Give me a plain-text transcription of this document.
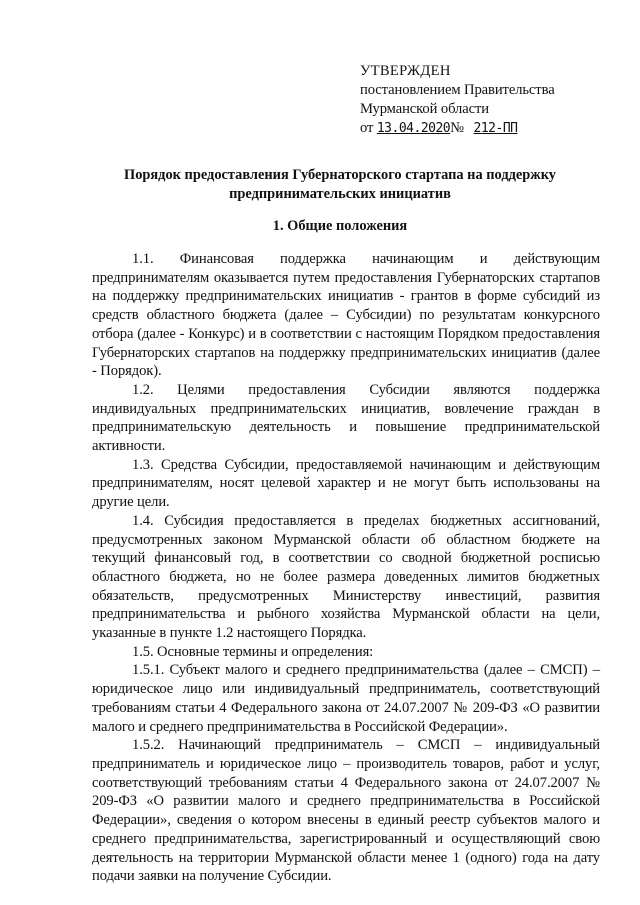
УТВЕРЖДЕН
постановлением Правительства
Мурманской области
от 13.04.2020№ 212-ПП
Порядок предоставления Губернаторского стартапа на поддержку предпринимательских инициатив
1. Общие положения

1.1. Финансовая поддержка начинающим и действующим предпринимателям оказывается путем предоставления Губернаторских стартапов на поддержку предпринимательских инициатив - грантов в форме субсидий из средств областного бюджета (далее – Субсидии) по результатам конкурсного отбора (далее - Конкурс) и в соответствии с настоящим Порядком предоставления Губернаторских стартапов на поддержку предпринимательских инициатив (далее - Порядок).

1.2. Целями предоставления Субсидии являются поддержка индивидуальных предпринимательских инициатив, вовлечение граждан в предпринимательскую деятельность и повышение предпринимательской активности.

1.3. Средства Субсидии, предоставляемой начинающим и действующим предпринимателям, носят целевой характер и не могут быть использованы на другие цели.

1.4. Субсидия предоставляется в пределах бюджетных ассигнований, предусмотренных законом Мурманской области об областном бюджете на текущий финансовый год, в соответствии со сводной бюджетной росписью областного бюджета, но не более размера доведенных лимитов бюджетных обязательств, предусмотренных Министерству инвестиций, развития предпринимательства и рыбного хозяйства Мурманской области на цели, указанные в пункте 1.2 настоящего Порядка.

1.5. Основные термины и определения:

1.5.1. Субъект малого и среднего предпринимательства (далее – СМСП) – юридическое лицо или индивидуальный предприниматель, соответствующий требованиям статьи 4 Федерального закона от 24.07.2007 № 209-ФЗ «О развитии малого и среднего предпринимательства в Российской Федерации».

1.5.2. Начинающий предприниматель – СМСП – индивидуальный предприниматель и юридическое лицо – производитель товаров, работ и услуг, соответствующий требованиям статьи 4 Федерального закона от 24.07.2007 № 209-ФЗ «О развитии малого и среднего предпринимательства в Российской Федерации», сведения о котором внесены в единый реестр субъектов малого и среднего предпринимательства, зарегистрированный и осуществляющий свою деятельность на территории Мурманской области менее 1 (одного) года на дату подачи заявки на получение Субсидии.
